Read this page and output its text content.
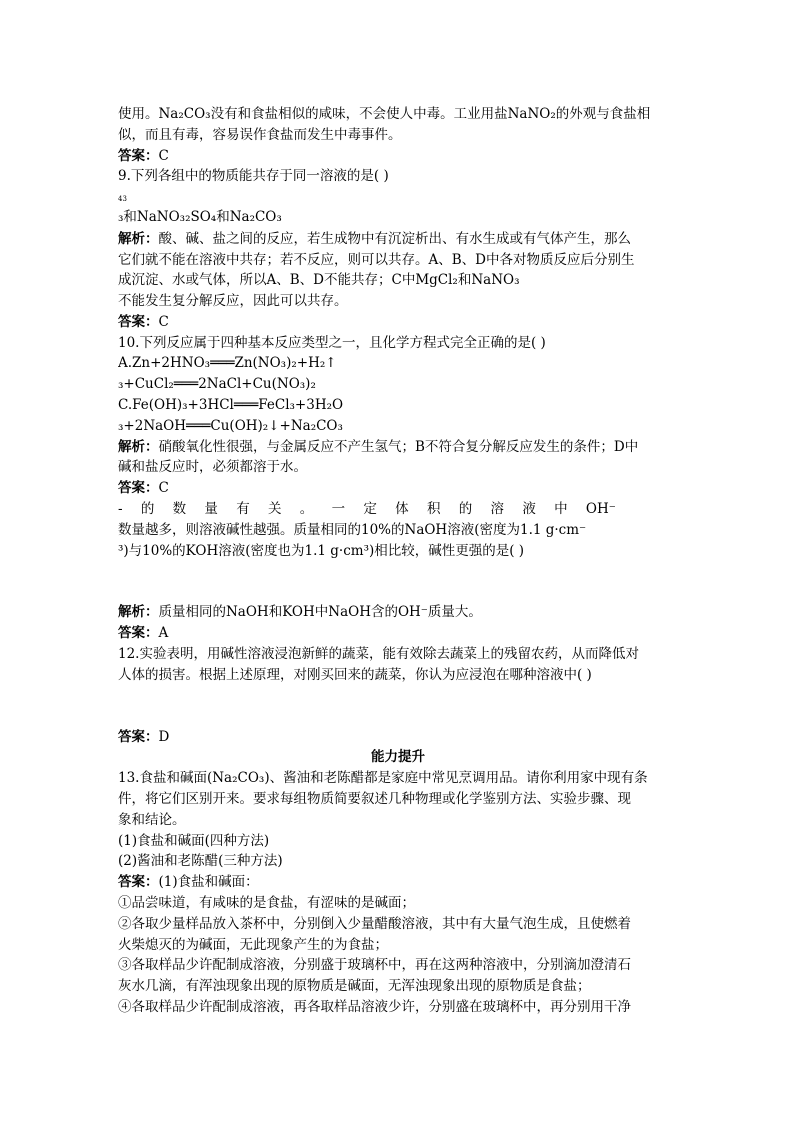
使用。Na₂CO₃没有和食盐相似的咸味，不会使人中毒。工业用盐NaNO₂的外观与食盐相
似，而且有毒，容易误作食盐而发生中毒事件。
答案：C
9.下列各组中的物质能共存于同一溶液的是( )
43
₃和NaNO₃₂SO₄和Na₂CO₃
解析：酸、碱、盐之间的反应，若生成物中有沉淀析出、有水生成或有气体产生，那么
它们就不能在溶液中共存；若不反应，则可以共存。A、B、D中各对物质反应后分别生
成沉淀、水或气体，所以A、B、D不能共存；C中MgCl₂和NaNO₃
不能发生复分解反应，因此可以共存。
答案：C
10.下列反应属于四种基本反应类型之一，且化学方程式完全正确的是( )
A.Zn+2HNO₃═══Zn(NO₃)₂+H₂↑
₃+CuCl₂═══2NaCl+Cu(NO₃)₂
C.Fe(OH)₃+3HCl═══FeCl₃+3H₂O
₃+2NaOH═══Cu(OH)₂↓+Na₂CO₃
解析：硝酸氧化性很强，与金属反应不产生氢气；B不符合复分解反应发生的条件；D中
碱和盐反应时，必须都溶于水。
答案：C
- 的 数 量 有 关 。 一 定 体 积 的 溶 液 中 OH⁻
数量越多，则溶液碱性越强。质量相同的10%的NaOH溶液(密度为1.1 g·cm⁻
³)与10%的KOH溶液(密度也为1.1 g·cm³)相比较，碱性更强的是( )
解析：质量相同的NaOH和KOH中NaOH含的OH⁻质量大。
答案：A
12.实验表明，用碱性溶液浸泡新鲜的蔬菜，能有效除去蔬菜上的残留农药，从而降低对
人体的损害。根据上述原理，对刚买回来的蔬菜，你认为应浸泡在哪种溶液中( )
答案：D
能力提升
13.食盐和碱面(Na₂CO₃)、酱油和老陈醋都是家庭中常见烹调用品。请你利用家中现有条
件，将它们区别开来。要求每组物质简要叙述几种物理或化学鉴别方法、实验步骤、现
象和结论。
(1)食盐和碱面(四种方法)
(2)酱油和老陈醋(三种方法)
答案：(1)食盐和碱面：
①品尝味道，有咸味的是食盐，有涩味的是碱面；
②各取少量样品放入茶杯中，分别倒入少量醋酸溶液，其中有大量气泡生成，且使燃着
火柴熄灭的为碱面，无此现象产生的为食盐；
③各取样品少许配制成溶液，分别盛于玻璃杯中，再在这两种溶液中，分别滴加澄清石
灰水几滴，有浑浊现象出现的原物质是碱面，无浑浊现象出现的原物质是食盐；
④各取样品少许配制成溶液，再各取样品溶液少许，分别盛在玻璃杯中，再分别用干净
